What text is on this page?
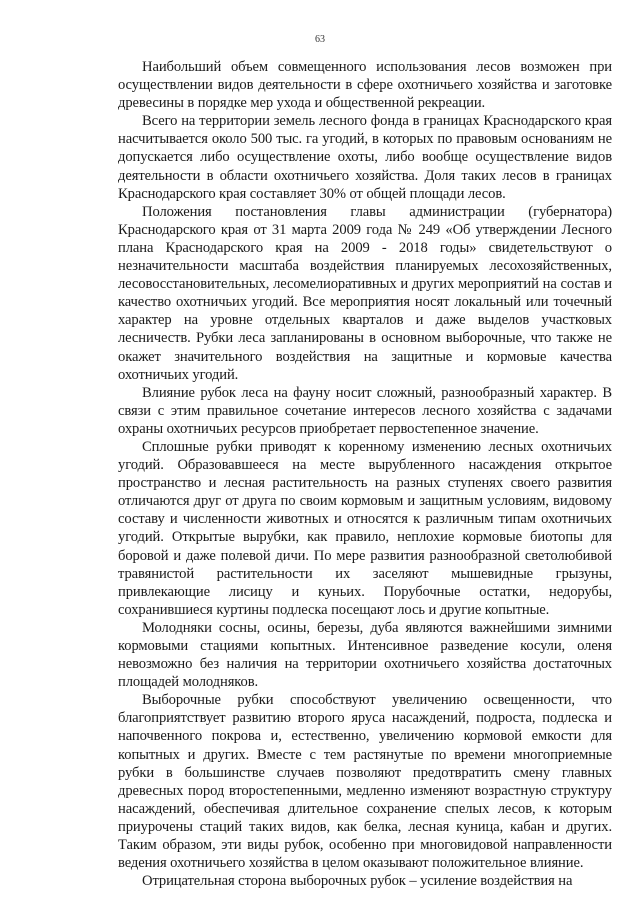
63

Наибольший объем совмещенного использования лесов возможен при осуществлении видов деятельности в сфере охотничьего хозяйства и заготовке древесины в порядке мер ухода и общественной рекреации.

Всего на территории земель лесного фонда в границах Краснодарского края насчитывается около 500 тыс. га угодий, в которых по правовым основаниям не допускается либо осуществление охоты, либо вообще осуществление видов деятельности в области охотничьего хозяйства. Доля таких лесов в границах Краснодарского края составляет 30% от общей площади лесов.

Положения постановления главы администрации (губернатора) Краснодарского края от 31 марта 2009 года № 249 «Об утверждении Лесного плана Краснодарского края на 2009 - 2018 годы» свидетельствуют о незначительности масштаба воздействия планируемых лесохозяйственных, лесовосстановительных, лесомелиоративных и других мероприятий на состав и качество охотничьих угодий. Все мероприятия носят локальный или точечный характер на уровне отдельных кварталов и даже выделов участковых лесничеств. Рубки леса запланированы в основном выборочные, что также не окажет значительного воздействия на защитные и кормовые качества охотничьих угодий.

Влияние рубок леса на фауну носит сложный, разнообразный характер. В связи с этим правильное сочетание интересов лесного хозяйства с задачами охраны охотничьих ресурсов приобретает первостепенное значение.

Сплошные рубки приводят к коренному изменению лесных охотничьих угодий. Образовавшееся на месте вырубленного насаждения открытое пространство и лесная растительность на разных ступенях своего развития отличаются друг от друга по своим кормовым и защитным условиям, видовому составу и численности животных и относятся к различным типам охотничьих угодий. Открытые вырубки, как правило, неплохие кормовые биотопы для боровой и даже полевой дичи. По мере развития разнообразной светолюбивой травянистой растительности их заселяют мышевидные грызуны, привлекающие лисицу и куньих. Порубочные остатки, недорубы, сохранившиеся куртины подлеска посещают лось и другие копытные.

Молодняки сосны, осины, березы, дуба являются важнейшими зимними кормовыми стациями копытных. Интенсивное разведение косули, оленя невозможно без наличия на территории охотничьего хозяйства достаточных площадей молодняков.

Выборочные рубки способствуют увеличению освещенности, что благоприятствует развитию второго яруса насаждений, подроста, подлеска и напочвенного покрова и, естественно, увеличению кормовой емкости для копытных и других. Вместе с тем растянутые по времени многоприемные рубки в большинстве случаев позволяют предотвратить смену главных древесных пород второстепенными, медленно изменяют возрастную структуру насаждений, обеспечивая длительное сохранение спелых лесов, к которым приурочены стаций таких видов, как белка, лесная куница, кабан и других. Таким образом, эти виды рубок, особенно при многовидовой направленности ведения охотничьего хозяйства в целом оказывают положительное влияние.

Отрицательная сторона выборочных рубок – усиление воздействия на
